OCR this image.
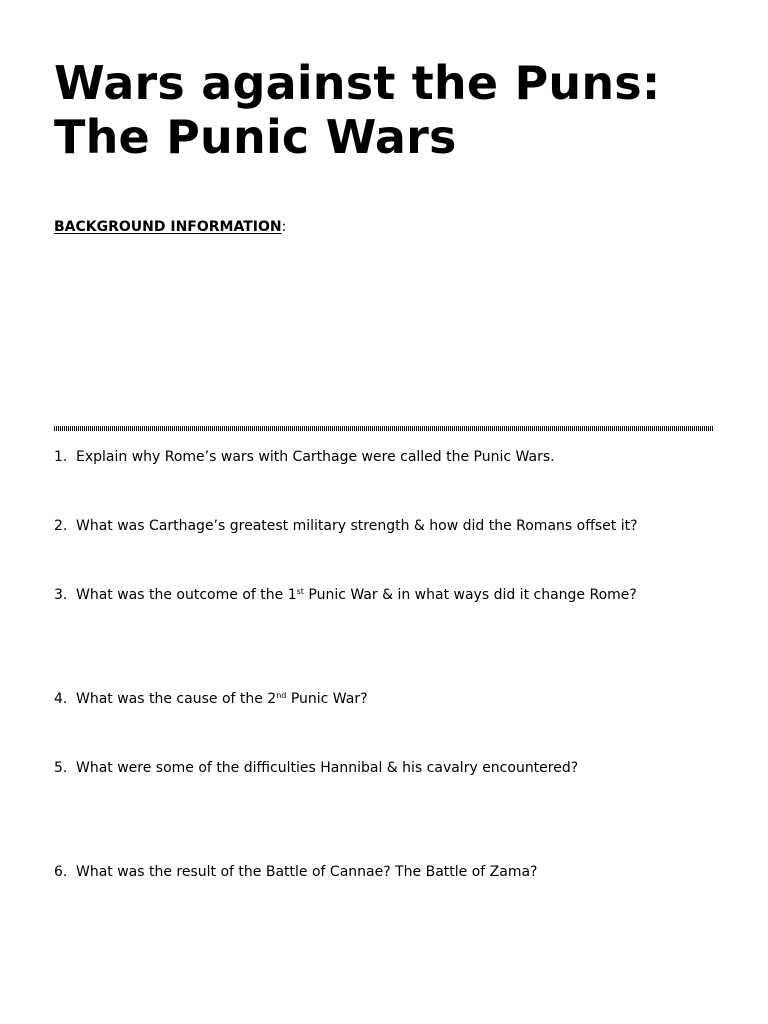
Wars against the Puns:
The Punic Wars
BACKGROUND INFORMATION:
1. Explain why Rome’s wars with Carthage were called the Punic Wars.
2. What was Carthage’s greatest military strength & how did the Romans offset it?
3. What was the outcome of the 1st Punic War & in what ways did it change Rome?
4. What was the cause of the 2nd Punic War?
5. What were some of the difficulties Hannibal & his cavalry encountered?
6. What was the result of the Battle of Cannae? The Battle of Zama?
